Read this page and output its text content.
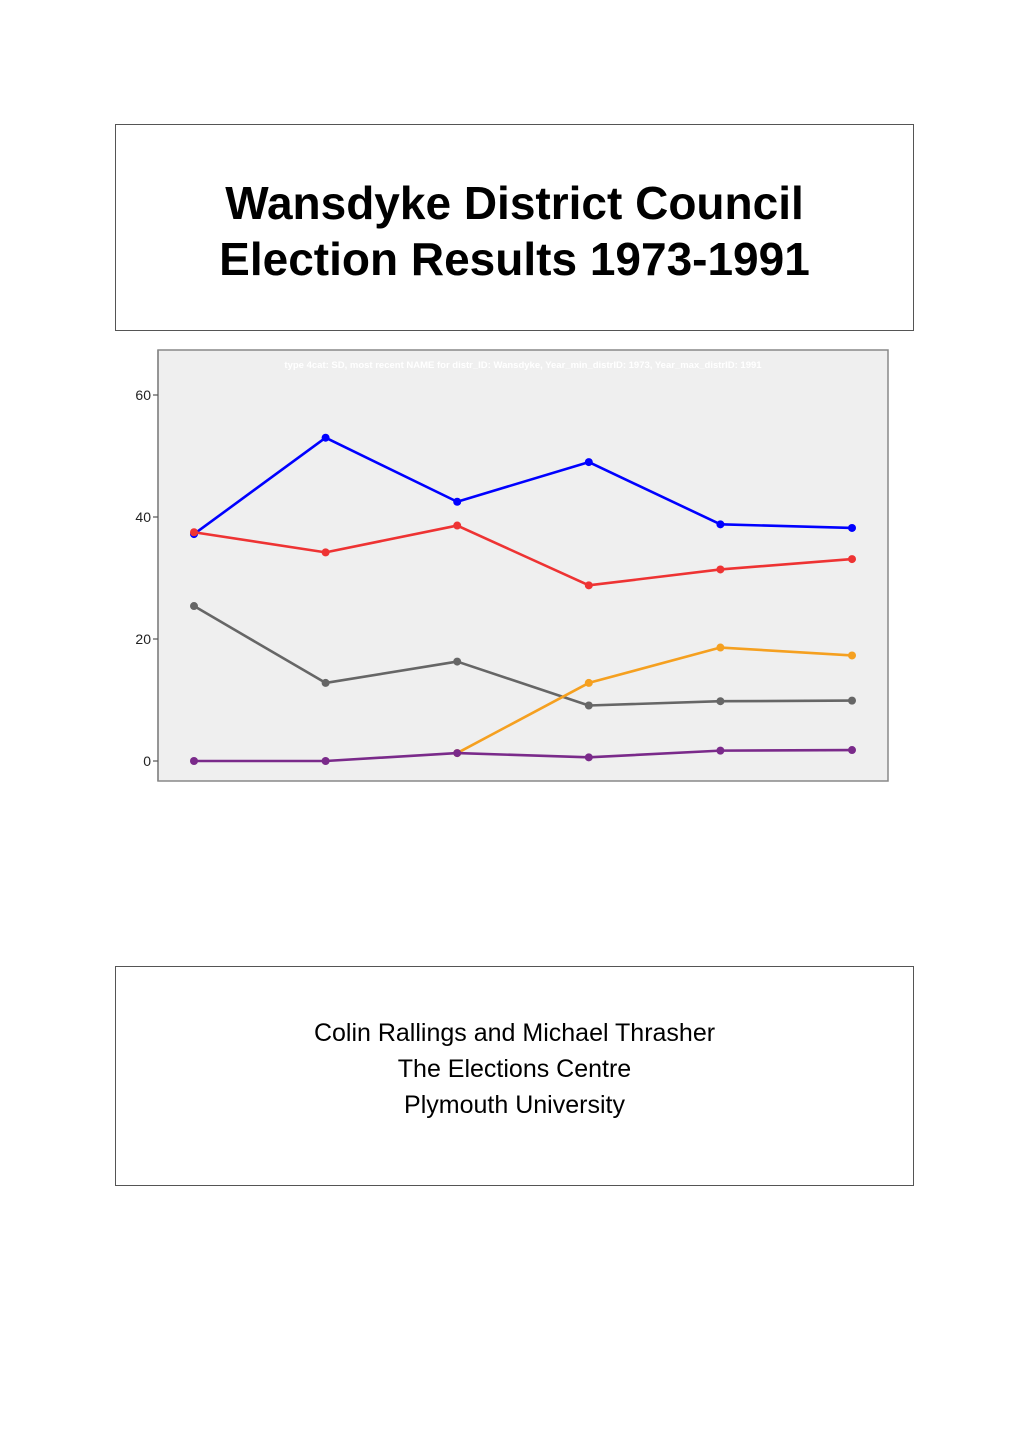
Wansdyke District Council
Election Results 1973-1991
type 4cat: SD, most recent NAME for distr_ID: Wansdyke, Year_min_distrID: 1973, Year_max_distrID: 1991
0
20
40
60
Colin Rallings and Michael Thrasher
The Elections Centre
Plymouth University
